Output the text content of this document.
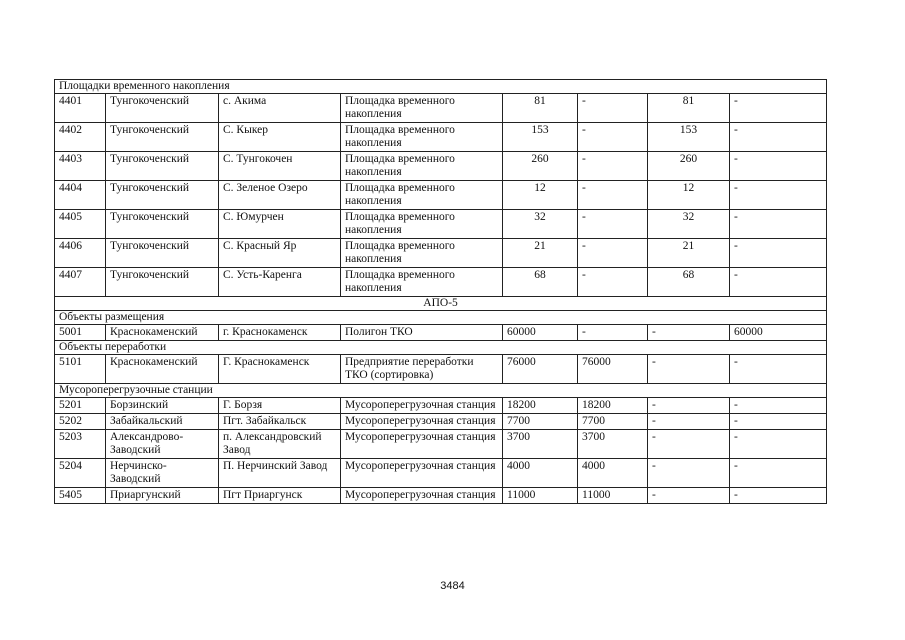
Площадки временного накопления							
4401	Тунгокоченский	с. Акима	Площадка временного накопления	81	-	81	-
4402	Тунгокоченский	С. Кыкер	Площадка временного накопления	153	-	153	-
4403	Тунгокоченский	С. Тунгокочен	Площадка временного накопления	260	-	260	-
4404	Тунгокоченский	С. Зеленое Озеро	Площадка временного накопления	12	-	12	-
4405	Тунгокоченский	С. Юмурчен	Площадка временного накопления	32	-	32	-
4406	Тунгокоченский	С. Красный Яр	Площадка временного накопления	21	-	21	-
4407	Тунгокоченский	С. Усть-Каренга	Площадка временного накопления	68	-	68	-
АПО-5							
Объекты размещения							
5001	Краснокаменский	г. Краснокаменск	Полигон ТКО	60000	-	-	60000
Объекты переработки							
5101	Краснокаменский	Г. Краснокаменск	Предприятие переработки ТКО (сортировка)	76000	76000	-	-
Мусороперегрузочные станции							
5201	Борзинский	Г. Борзя	Мусороперегрузочная станция	18200	18200	-	-
5202	Забайкальский	Пгт. Забайкальск	Мусороперегрузочная станция	7700	7700	-	-
5203	Александрово-Заводский	п. Александровский Завод	Мусороперегрузочная станция	3700	3700	-	-
5204	Нерчинско-Заводский	П. Нерчинский Завод	Мусороперегрузочная станция	4000	4000	-	-
5405	Приаргунский	Пгт Приаргунск	Мусороперегрузочная станция	11000	11000	-	-
3484
